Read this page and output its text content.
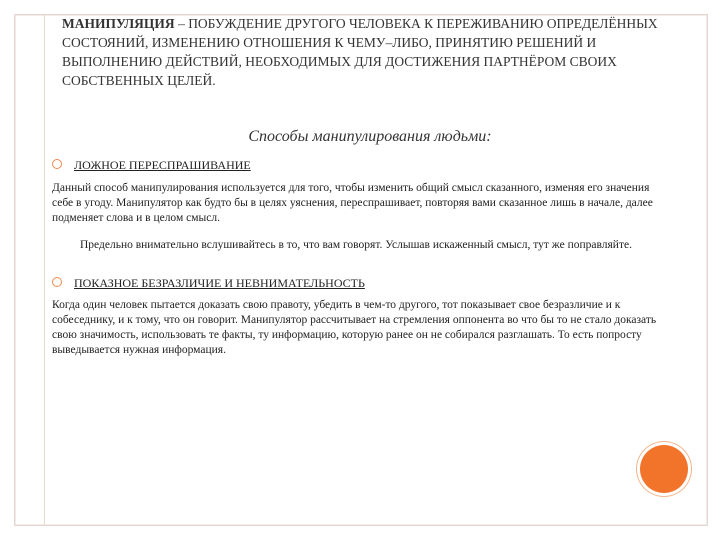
МАНИПУЛЯЦИЯ – ПОБУЖДЕНИЕ ДРУГОГО ЧЕЛОВЕКА К ПЕРЕЖИВАНИЮ ОПРЕДЕЛЁННЫХ СОСТОЯНИЙ, ИЗМЕНЕНИЮ ОТНОШЕНИЯ К ЧЕМУ–ЛИБО, ПРИНЯТИЮ РЕШЕНИЙ И ВЫПОЛНЕНИЮ ДЕЙСТВИЙ, НЕОБХОДИМЫХ ДЛЯ ДОСТИЖЕНИЯ ПАРТНЁРОМ СВОИХ СОБСТВЕННЫХ ЦЕЛЕЙ.
Способы манипулирования людьми:
ЛОЖНОЕ ПЕРЕСПРАШИВАНИЕ
Данный способ манипулирования используется для того, чтобы изменить общий смысл сказанного, изменяя его значения себе в угоду. Манипулятор как будто бы в целях уяснения, переспрашивает, повторяя вами сказанное лишь в начале, далее подменяет слова и в целом смысл.
Предельно внимательно вслушивайтесь в то, что вам говорят. Услышав искаженный смысл, тут же поправляйте.
ПОКАЗНОЕ БЕЗРАЗЛИЧИЕ И НЕВНИМАТЕЛЬНОСТЬ
Когда один человек пытается доказать свою правоту, убедить в чем-то другого, тот показывает свое безразличие и к собеседнику, и к тому, что он говорит. Манипулятор рассчитывает на стремления оппонента во что бы то не стало доказать свою значимость, использовать те факты, ту информацию, которую ранее он не собирался разглашать. То есть попросту выведывается нужная информация.
